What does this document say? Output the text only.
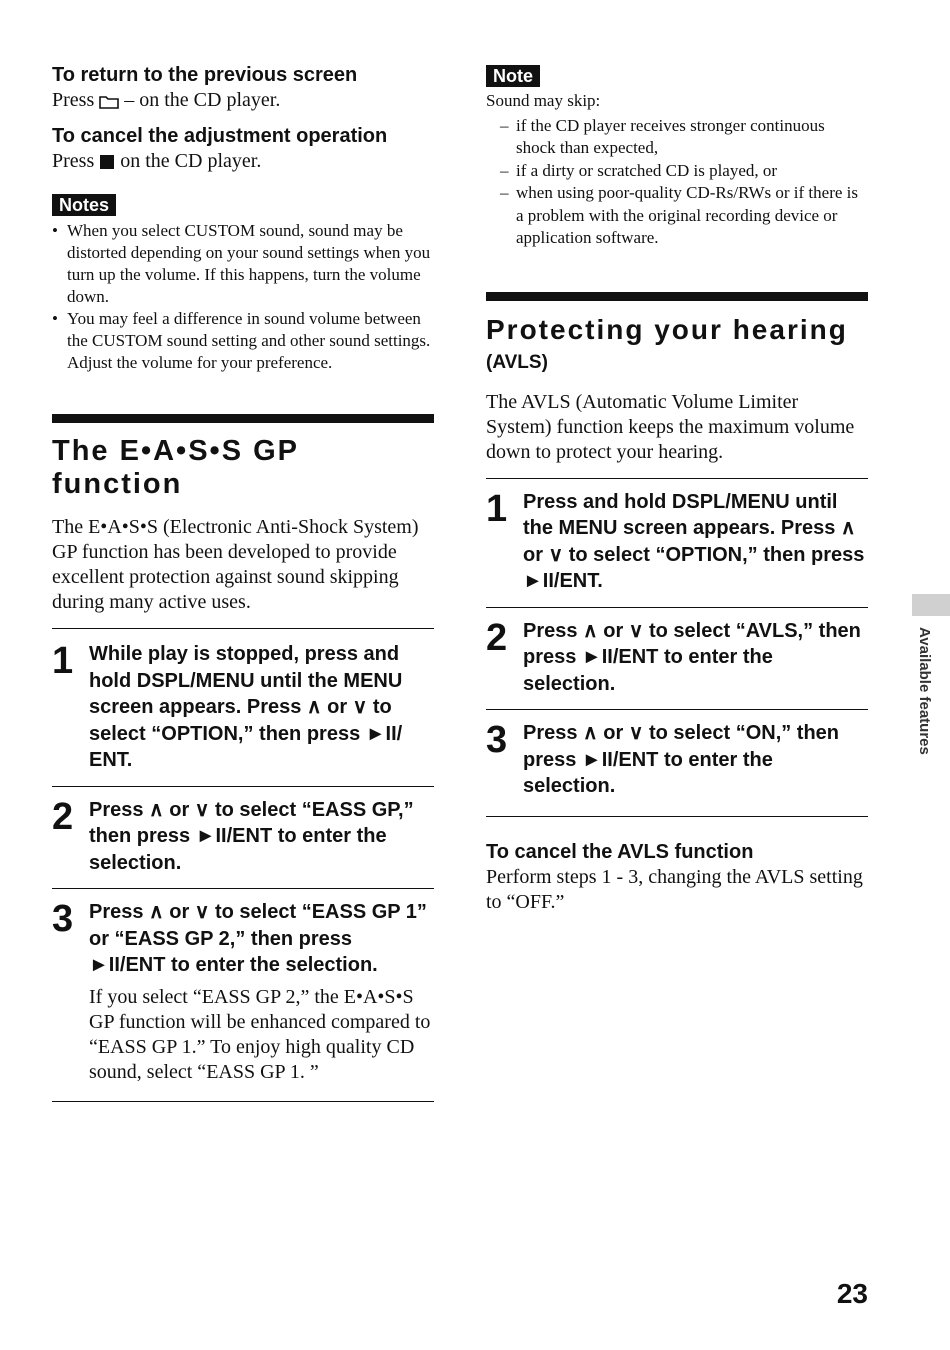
To return to the previous screen

Press – on the CD player.

To cancel the adjustment operation

Press on the CD player.

Notes
• When you select CUSTOM sound, sound may be distorted depending on your sound settings when you turn up the volume. If this happens, turn the volume down.
• You may feel a difference in sound volume between the CUSTOM sound setting and other sound settings. Adjust the volume for your preference.
The E•A•S•S GP
function

The E•A•S•S (Electronic Anti-Shock System) GP function has been developed to provide excellent protection against sound skipping during many active uses.

1 While play is stopped, press and hold DSPL/MENU until the MENU screen appears. Press ∧ or ∨ to select “OPTION,” then press ►II/ ENT.

2 Press ∧ or ∨ to select “EASS GP,” then press ►II/ENT to enter the selection.

3 Press ∧ or ∨ to select “EASS GP 1” or “EASS GP 2,” then press ►II/ENT to enter the selection.

If you select “EASS GP 2,” the E•A•S•S GP function will be enhanced compared to “EASS GP 1.” To enjoy high quality CD sound, select “EASS GP 1. ”

Note

Sound may skip:

– if the CD player receives stronger continuous shock than expected,
– if a dirty or scratched CD is played, or
– when using poor-quality CD-Rs/RWs or if there is a problem with the original recording device or application software.
Protecting your hearing

(AVLS)

The AVLS (Automatic Volume Limiter System) function keeps the maximum volume down to protect your hearing.

1 Press and hold DSPL/MENU until the MENU screen appears. Press ∧ or ∨ to select “OPTION,” then press ►II/ENT.

2 Press ∧ or ∨ to select “AVLS,” then press ►II/ENT to enter the selection.

3 Press ∧ or ∨ to select “ON,” then press ►II/ENT to enter the selection.

To cancel the AVLS function

Perform steps 1 - 3, changing the AVLS setting to “OFF.”

Available features
23
